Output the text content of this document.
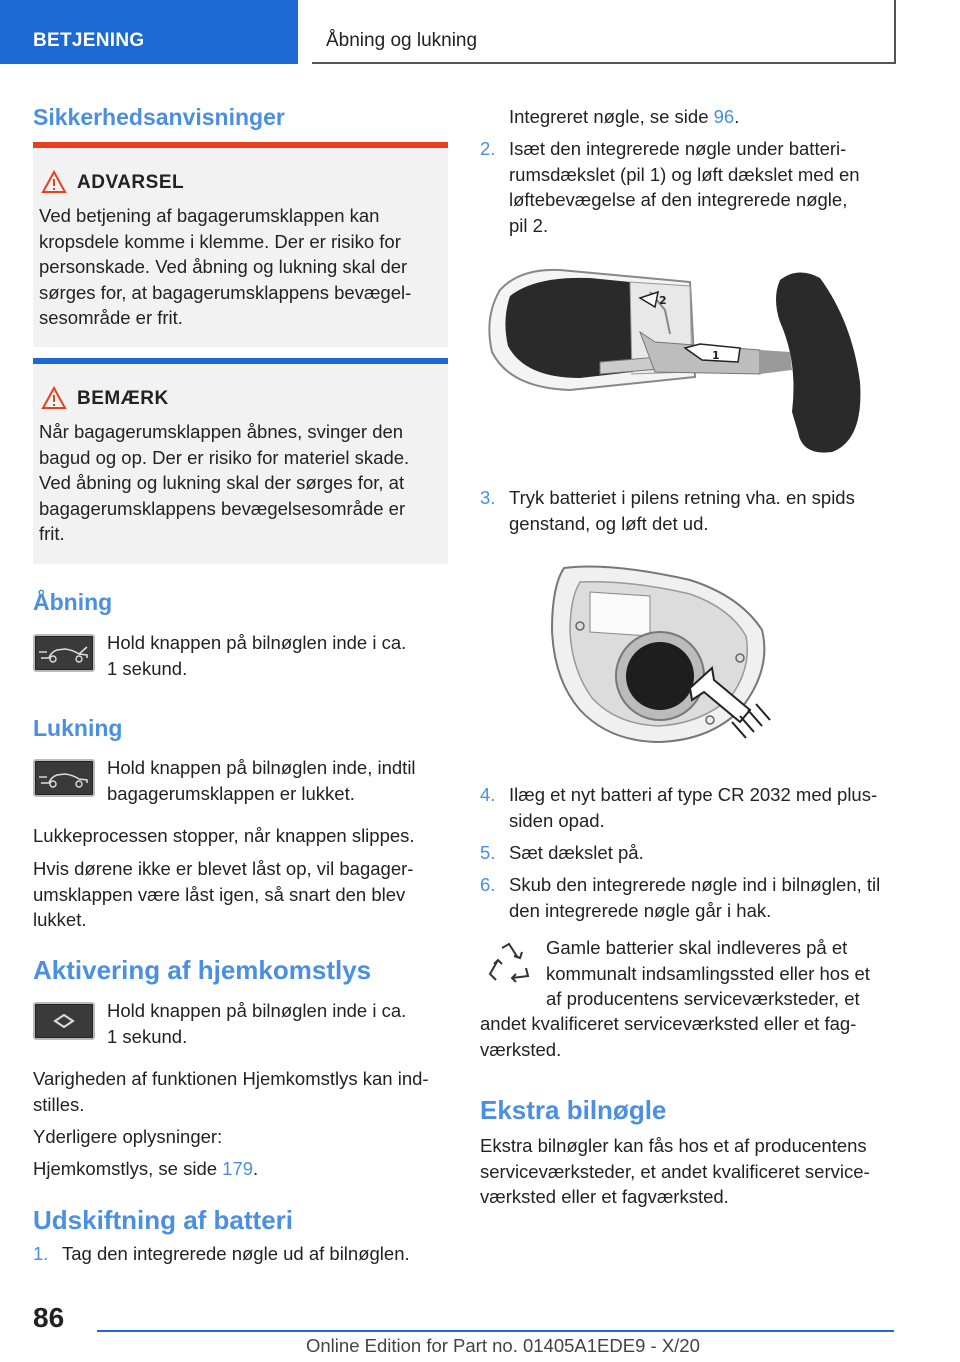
BETJENING	Åbning og lukning
Sikkerhedsanvisninger
ADVARSEL
Ved betjening af bagagerumsklappen kan
kropsdele komme i klemme. Der er risiko for
personskade. Ved åbning og lukning skal der
sørges for, at bagagerumsklappens bevægel-
sesområde er frit.
BEMÆRK
Når bagagerumsklappen åbnes, svinger den
bagud og op. Der er risiko for materiel skade.
Ved åbning og lukning skal der sørges for, at
bagagerumsklappens bevægelsesområde er
frit.
Åbning
Hold knappen på bilnøglen inde i ca.
1 sekund.
Lukning
Hold knappen på bilnøglen inde, indtil
bagagerumsklappen er lukket.
Lukkeprocessen stopper, når knappen slippes.
Hvis dørene ikke er blevet låst op, vil bagager-
umsklappen være låst igen, så snart den blev
lukket.
Aktivering af hjemkomstlys
Hold knappen på bilnøglen inde i ca.
1 sekund.
Varigheden af funktionen Hjemkomstlys kan ind-
stilles.
Yderligere oplysninger:
Hjemkomstlys, se side 179.
Udskiftning af batteri
1. Tag den integrerede nøgle ud af bilnøglen.
Integreret nøgle, se side 96.
2. Isæt den integrerede nøgle under batteri-
rumsdækslet (pil 1) og løft dækslet med en
løftebevægelse af den integrerede nøgle,
pil 2.
2
1
3. Tryk batteriet i pilens retning vha. en spids
genstand, og løft det ud.
4. Ilæg et nyt batteri af type CR 2032 med plus-
siden opad.
5. Sæt dækslet på.
6. Skub den integrerede nøgle ind i bilnøglen, til
den integrerede nøgle går i hak.
Gamle batterier skal indleveres på et
kommunalt indsamlingssted eller hos et
af producentens serviceværksteder, et
andet kvalificeret serviceværksted eller et fag-
værksted.
Ekstra bilnøgle
Ekstra bilnøgler kan fås hos et af producentens
serviceværksteder, et andet kvalificeret service-
værksted eller et fagværksted.
86
Online Edition for Part no. 01405A1EDE9 - X/20
